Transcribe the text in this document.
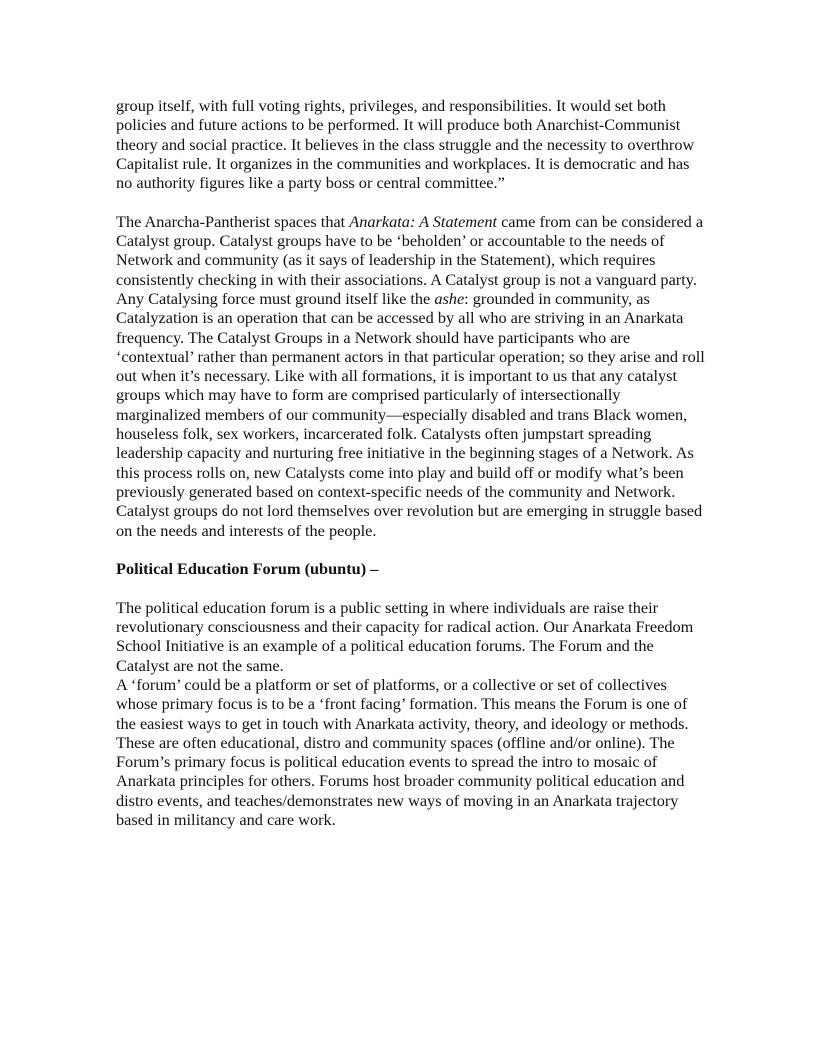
group itself, with full voting rights, privileges, and responsibilities. It would set both policies and future actions to be performed. It will produce both Anarchist-Communist theory and social practice. It believes in the class struggle and the necessity to overthrow Capitalist rule. It organizes in the communities and workplaces. It is democratic and has no authority figures like a party boss or central committee.”

The Anarcha-Pantherist spaces that Anarkata: A Statement came from can be considered a Catalyst group. Catalyst groups have to be ‘beholden’ or accountable to the needs of Network and community (as it says of leadership in the Statement), which requires consistently checking in with their associations. A Catalyst group is not a vanguard party. Any Catalysing force must ground itself like the ashe: grounded in community, as Catalyzation is an operation that can be accessed by all who are striving in an Anarkata frequency. The Catalyst Groups in a Network should have participants who are ‘contextual’ rather than permanent actors in that particular operation; so they arise and roll out when it’s necessary. Like with all formations, it is important to us that any catalyst groups which may have to form are comprised particularly of intersectionally marginalized members of our community—especially disabled and trans Black women, houseless folk, sex workers, incarcerated folk. Catalysts often jumpstart spreading leadership capacity and nurturing free initiative in the beginning stages of a Network. As this process rolls on, new Catalysts come into play and build off or modify what’s been previously generated based on context-specific needs of the community and Network. Catalyst groups do not lord themselves over revolution but are emerging in struggle based on the needs and interests of the people.

Political Education Forum (ubuntu) –

The political education forum is a public setting in where individuals are raise their revolutionary consciousness and their capacity for radical action. Our Anarkata Freedom School Initiative is an example of a political education forums. The Forum and the Catalyst are not the same.

A ‘forum’ could be a platform or set of platforms, or a collective or set of collectives whose primary focus is to be a ‘front facing’ formation. This means the Forum is one of the easiest ways to get in touch with Anarkata activity, theory, and ideology or methods. These are often educational, distro and community spaces (offline and/or online). The Forum’s primary focus is political education events to spread the intro to mosaic of Anarkata principles for others. Forums host broader community political education and distro events, and teaches/demonstrates new ways of moving in an Anarkata trajectory based in militancy and care work.
